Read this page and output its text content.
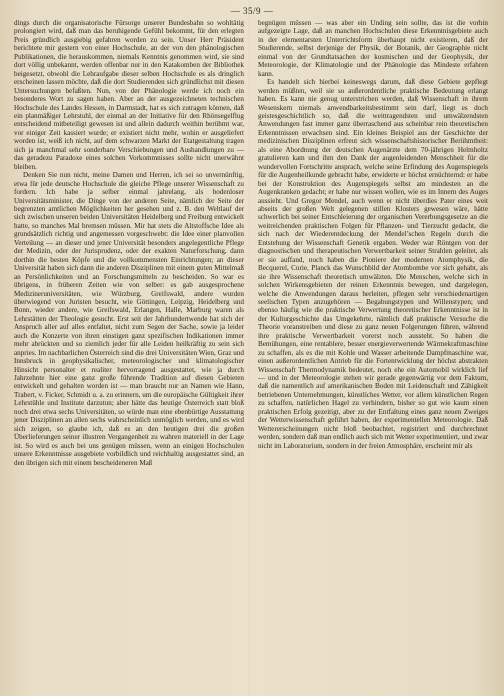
— 35/9 —

dings durch die organisatorische Fürsorge unserer Bundesbahn so wohltätig prolongiert wird, daß man das beruhigende Gefühl bekommt, für den erlegten Preis gründlich ausgiebig gefahren worden zu sein. Unser Herr Präsident berichtete mir gestern von einer Hochschule, an der von den phänologischen Publikationen, die herauskommen, niemals Kenntnis genommen wird, sie sind dort völlig unbekannt, werden offenbar nur in den Katakomben der Bibliothek beigesetzt, obwohl die Lehraufgabe dieser selben Hochschule es als dringlich erscheinen lassen möchte, daß die dort Studierenden sich gründlichst mit diesen Untersuchungen befaßten. Nun, von der Phänologie werde ich noch ein besonderes Wort zu sagen haben. Aber an der ausgezeichneten technischen Hochschule des Landes Hessen, in Darmstadt, hat es sich zutragen können, daß ein planmäßiger Lehrstuhl, der einmal an der Initiative für den Rhönsegelflug entscheidend mitbeteiligt gewesen ist und allein dadurch weithin berühmt war, vor einiger Zeit kassiert wurde; er existiert nicht mehr, wohin er ausgeliefert worden ist, weiß ich nicht, auf dem schwarzen Markt der Etatgestaltung tragen sich ja manchmal sehr sonderbare Verschiebungen und Aushandlungen zu — das geradezu Paradoxe eines solchen Vorkommnisses sollte nicht unerwähnt bleiben.

Denken Sie nun nicht, meine Damen und Herren, ich sei so unvernünftig, etwa für jede deutsche Hochschule die gleiche Pflege unserer Wissenschaft zu fordern. Ich habe ja selber einmal jahrelang, als bodenloser Universitätsminister, die Dinge von der anderen Seite, nämlich der Seite der begrenzten amtlichen Möglichkeiten her gesehen und z. B. den Weltlauf der sich zwischen unseren beiden Universitäten Heidelberg und Freiburg entwickelt hatte, so manches Mal bremsen müssen. Mir hat stets die Altstoffsche Idee als grundsätzlich richtig und angemessen vorgeschwebt: die Idee einer planvollen Verteilung — an dieser und jener Universität besonders angelegentliche Pflege der Medizin, oder der Jurisprudenz, oder der exakten Naturforschung, dann dorthin die besten Köpfe und die vollkommensten Einrichtungen; an dieser Universität haben sich dann die anderen Disziplinen mit einem guten Mittelmaß an Persönlichkeiten und an Forschungsmitteln zu bescheiden. So war es übrigens, in früheren Zeiten wie von selber: es gab ausgesprochene Medizineruniversitäten, wie Würzburg, Greifswald, andere wurden überwiegend von Juristen besucht, wie Göttingen, Leipzig, Heidelberg und Bonn, wieder andere, wie Greifswald, Erlangen, Halle, Marburg waren als Lehrstätten der Theologie gesucht. Erst seit der Jahrhundertwende hat sich der Anspruch aller auf alles entfaltet, nicht zum Segen der Sache, sowie ja leider auch die Konzerte von ihren einstigen ganz spezifischen Indikationen immer mehr abrückten und so ziemlich jeder für alle Leiden heilkräftig zu sein sich anpries. Im nachbarlichen Österreich sind die drei Universitäten Wien, Graz und Innsbruck in geophysikalischer, meteorologischer und klimatologischer Hinsicht personalter et realiter hervorragend ausgestattet, wie ja durch Jahrzehnte hier eine ganz große führende Tradition auf diesen Gebieten entwickelt und gehalten worden ist — man braucht nur an Namen wie Hann, Trabert, v. Ficker, Schmidt u. a. zu erinnern, um die europäische Gültigkeit ihrer Lehrstühle und Institute darzutun; aber hätte das heutige Österreich statt bloß noch drei etwa sechs Universitäten, so würde man eine ebenbürtige Ausstattung jener Disziplinen an allen sechs wahrscheinlich unmöglich werden, und es wird sich zeigen, so glaube ich, daß es an den heutigen drei die großen Überlieferungen seiner illustren Vergangenheit zu wahren materiell in der Lage ist. So wird es auch bei uns genügen müssen, wenn an einigen Hochschulen unsere Erkenntnisse ausgebiete vorbildlich und reichhaltig ausgestattet sind, an den übrigen sich mit einem bescheideneren Maß

begnügen müssen — was aber ein Unding sein sollte, das ist die vorhin aufgezeigte Lage, daß an manchen Hochschulen diese Erkenntnisgebiete auch in der elementarsten Unterrichtsform überhaupt nicht existieren, daß der Studierende, selbst derjenige der Physik, der Botanik, der Geographie nicht einmal von der Grundtatsachen der kosmischen und der Geophysik, der Meteorologie, der Klimatologie und der Phänologie das Mindeste erfahren kann.

Es handelt sich hierbei keineswegs darum, daß diese Gebiete gepflegt werden müßten, weil sie so außerordentliche praktische Bedeutung erlangt haben. Es kann nie genug unterstrichen werden, daß Wissenschaft in ihrem Wesenskern niemals anwendbarkeitsbestimmt sein darf, liegt es doch geistesgeschichtlich so, daß die weittragendsten und umwälzendsten Anwendungen fast immer ganz überraschend aus scheinbar rein theoretischen Erkenntnissen erwachsen sind. Ein kleines Beispiel aus der Geschichte der medizinischen Disziplinen erfreut sich wissenschaftshistorischer Berühmtheit: als eine Abordnung der deutschen Augenärzte dem 70-jährigen Helmholtz gratulieren kam und ihm den Dank der augenleidenden Menschheit für die wundervollen Fortschritte ansprach, welche seine Erfindung des Augenspiegels für die Augenheilkunde gebracht habe, erwiderte er höchst ernüchternd: er habe bei der Konstruktion des Augenspiegels selbst am mindesten an die Augenkranken gedacht; er habe nur wissen wollen, wie es im Innern des Auges aussieht. Und Gregor Mendel, auch wenn er nicht überdies Pater eines weit abseits der großen Welt gelegenen stillen Klosters gewesen wäre, hätte schwerlich bei seiner Entschleierung der organischen Vererbungsgesetze an die weitreichenden praktischen Folgen für Pflanzen- und Tierzucht gedacht, die sich nach der Wiederentdeckung der Mendel’schen Regeln durch die Entstehung der Wissenschaft Genetik ergaben. Weder war Röntgen von der diagnostischen und therapeutischen Verwertbarkeit seiner Strahlen geleitet, als er sie auffand, noch haben die Pioniere der modernen Atomphysik, die Becquerel, Curie, Planck das Wunschbild der Atombombe vor sich gehabt, als sie ihre Wissenschaft theoretisch umwälzten. Die Menschen, welche sich in solchen Wirkensgebieten der reinen Erkenntnis bewegen, und dargelegen, welche die Anwendungen daraus herleiten, pflegen sehr verschiedenartigen seelischen Typen anzugehören — Begabungstypen und Willenstypen; und ebenso häufig wie die praktische Verwertung theoretischer Erkenntnisse ist in der Kulturgeschichte das Umgekehrte, nämlich daß praktische Versuche die Theorie voranstreiben und diese zu ganz neuen Folgerungen führen, während ihre praktische Verwertbarkeit vorerst noch aussteht. So haben die Bemühungen, eine rentablere, besser energieverwertende Wärmekraftmaschine zu schaffen, als es die mit Kohle und Wasser arbeitende Dampfmaschine war, einen außerordentlichen Antrieb für die Fortentwicklung der höchst abstrakten Wissenschaft Thermodynamik bedeutet, noch ehe ein Automobil wirklich lief — und in der Meteorologie stehen wir gerade gegenwärtig vor dem Faktum, daß die namentlich auf amerikanischen Boden mit Leidenschaft und Zähigkeit betriebenen Unternehmungen, künstliches Wetter, vor allem künstlichen Regen zu schaffen, natürlichen Hagel zu verhindern, bisher so gut wie kaum einen praktischen Erfolg gezeitigt, aber zu der Entfaltung eines ganz neuen Zweiges der Wetterwissenschaft geführt haben, der experimentellen Meteorologie. Daß Wettererscheinungen nicht bloß beobachtet, registriert und durchrechnet werden, sondern daß man endlich auch sich mit Wetter experimentiert, und zwar nicht im Laboratorium, sondern in der freien Atmosphäre, erscheint mir als
